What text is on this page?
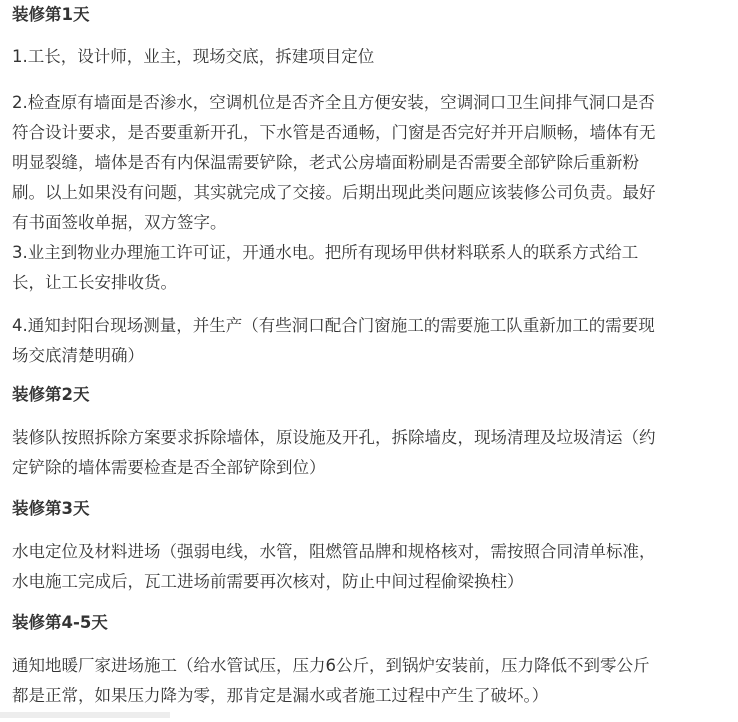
装修第1天

1.工长，设计师，业主，现场交底，拆建项目定位

2.检查原有墙面是否渗水，空调机位是否齐全且方便安装，空调洞口卫生间排气洞口是否
符合设计要求，是否要重新开孔，下水管是否通畅，门窗是否完好并开启顺畅，墙体有无
明显裂缝，墙体是否有内保温需要铲除，老式公房墙面粉刷是否需要全部铲除后重新粉
刷。以上如果没有问题，其实就完成了交接。后期出现此类问题应该装修公司负责。最好
有书面签收单据，双方签字。

3.业主到物业办理施工许可证，开通水电。把所有现场甲供材料联系人的联系方式给工
长，让工长安排收货。

4.通知封阳台现场测量，并生产（有些洞口配合门窗施工的需要施工队重新加工的需要现
场交底清楚明确）

装修第2天

装修队按照拆除方案要求拆除墙体，原设施及开孔，拆除墙皮，现场清理及垃圾清运（约
定铲除的墙体需要检查是否全部铲除到位）

装修第3天

水电定位及材料进场（强弱电线，水管，阻燃管品牌和规格核对，需按照合同清单标准，
水电施工完成后，瓦工进场前需要再次核对，防止中间过程偷梁换柱）

装修第4-5天

通知地暖厂家进场施工（给水管试压，压力6公斤，到锅炉安装前，压力降低不到零公斤
都是正常，如果压力降为零，那肯定是漏水或者施工过程中产生了破坏。）
